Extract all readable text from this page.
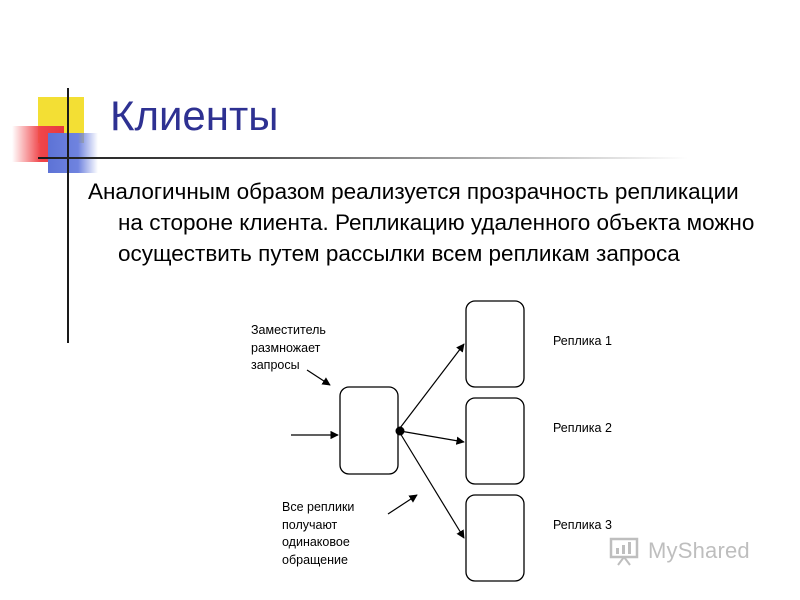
Клиенты

Аналогичным образом реализуется прозрачность репликации на стороне клиента. Репликацию удаленного объекта можно осуществить путем рассылки всем репликам запроса

Заместитель размножает запросы

Все реплики получают одинаковое обращение

Реплика 1

Реплика 2

Реплика 3

MyShared
